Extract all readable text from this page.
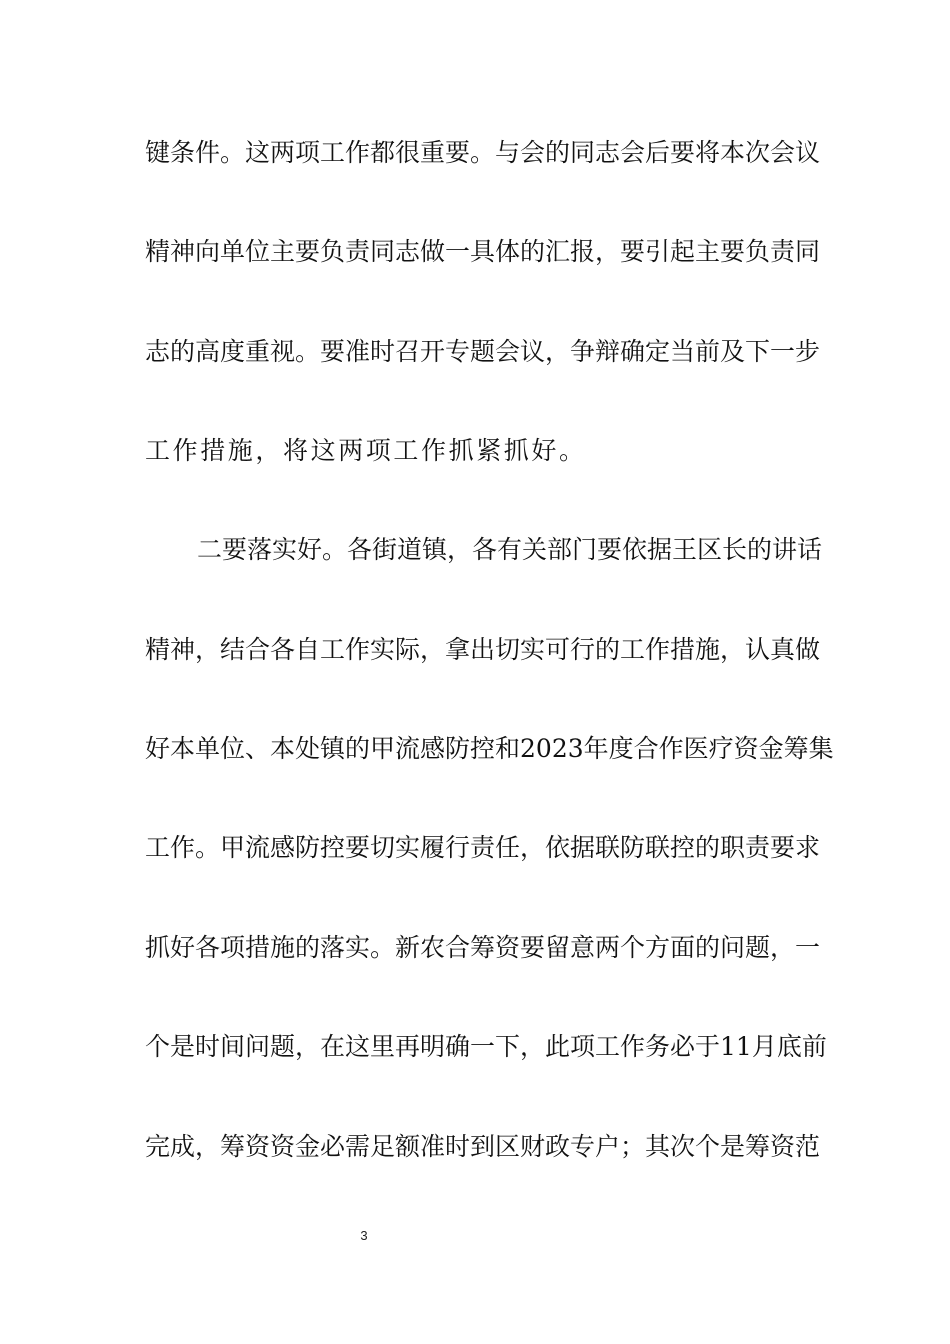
键条件。这两项工作都很重要。与会的同志会后要将本次会议
精神向单位主要负责同志做一具体的汇报，要引起主要负责同
志的高度重视。要准时召开专题会议，争辩确定当前及下一步
工作措施，将这两项工作抓紧抓好。
二要落实好。各街道镇，各有关部门要依据王区长的讲话
精神，结合各自工作实际，拿出切实可行的工作措施，认真做
好本单位、本处镇的甲流感防控和2023年度合作医疗资金筹集
工作。甲流感防控要切实履行责任，依据联防联控的职责要求
抓好各项措施的落实。新农合筹资要留意两个方面的问题，一
个是时间问题，在这里再明确一下，此项工作务必于11月底前
完成，筹资资金必需足额准时到区财政专户；其次个是筹资范
3
